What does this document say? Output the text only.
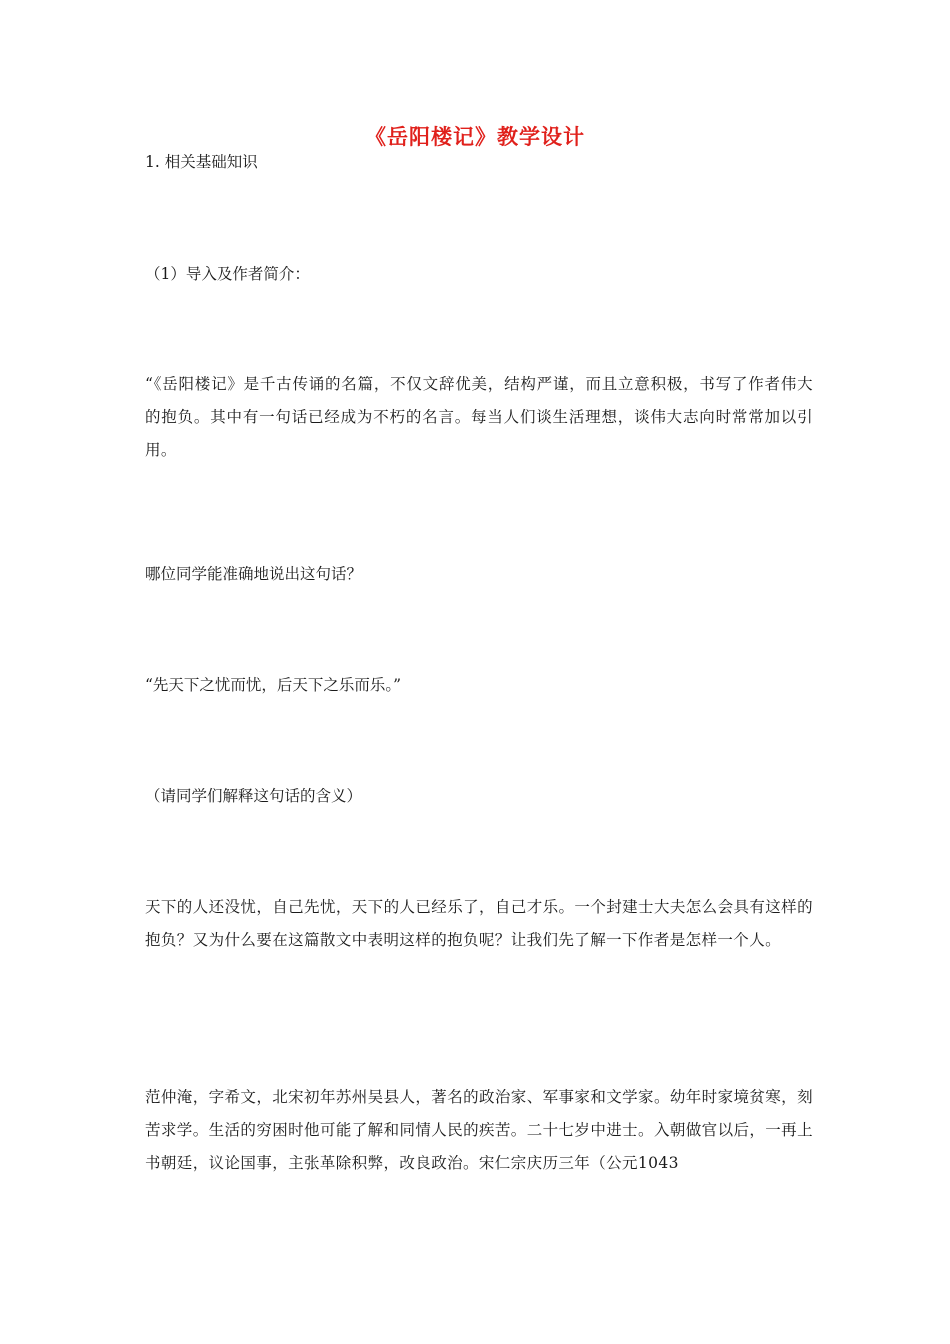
《岳阳楼记》教学设计
1. 相关基础知识
（1）导入及作者简介：
“《岳阳楼记》是千古传诵的名篇，不仅文辞优美，结构严谨，而且立意积极，书写了作者伟大的抱负。其中有一句话已经成为不朽的名言。每当人们谈生活理想，谈伟大志向时常常加以引用。
哪位同学能准确地说出这句话？
“先天下之忧而忧，后天下之乐而乐。”
（请同学们解释这句话的含义）
天下的人还没忧，自己先忧，天下的人已经乐了，自己才乐。一个封建士大夫怎么会具有这样的抱负？又为什么要在这篇散文中表明这样的抱负呢？让我们先了解一下作者是怎样一个人。
范仲淹，字希文，北宋初年苏州吴县人，著名的政治家、军事家和文学家。幼年时家境贫寒，刻苦求学。生活的穷困时他可能了解和同情人民的疾苦。二十七岁中进士。入朝做官以后，一再上书朝廷，议论国事，主张革除积弊，改良政治。宋仁宗庆历三年（公元1043
